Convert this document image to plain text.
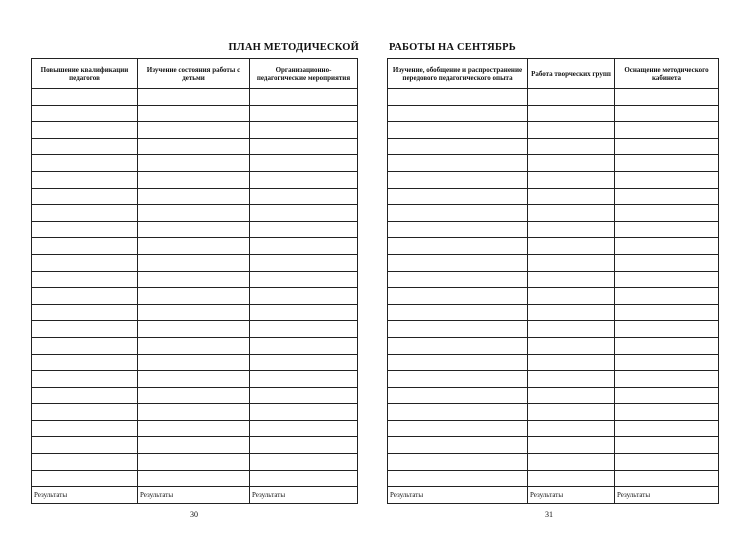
ПЛАН МЕТОДИЧЕСКОЙ
Повышение квалификации педагогов	Изучение состояния работы с детьми	Организационно-педагогические мероприятия

Результаты	Результаты	Результаты
30
РАБОТЫ НА СЕНТЯБРЬ
Изучение, обобщение и распространение передового педагогического опыта	Работа творческих групп	Оснащение методического кабинета

Результаты	Результаты	Результаты
31
